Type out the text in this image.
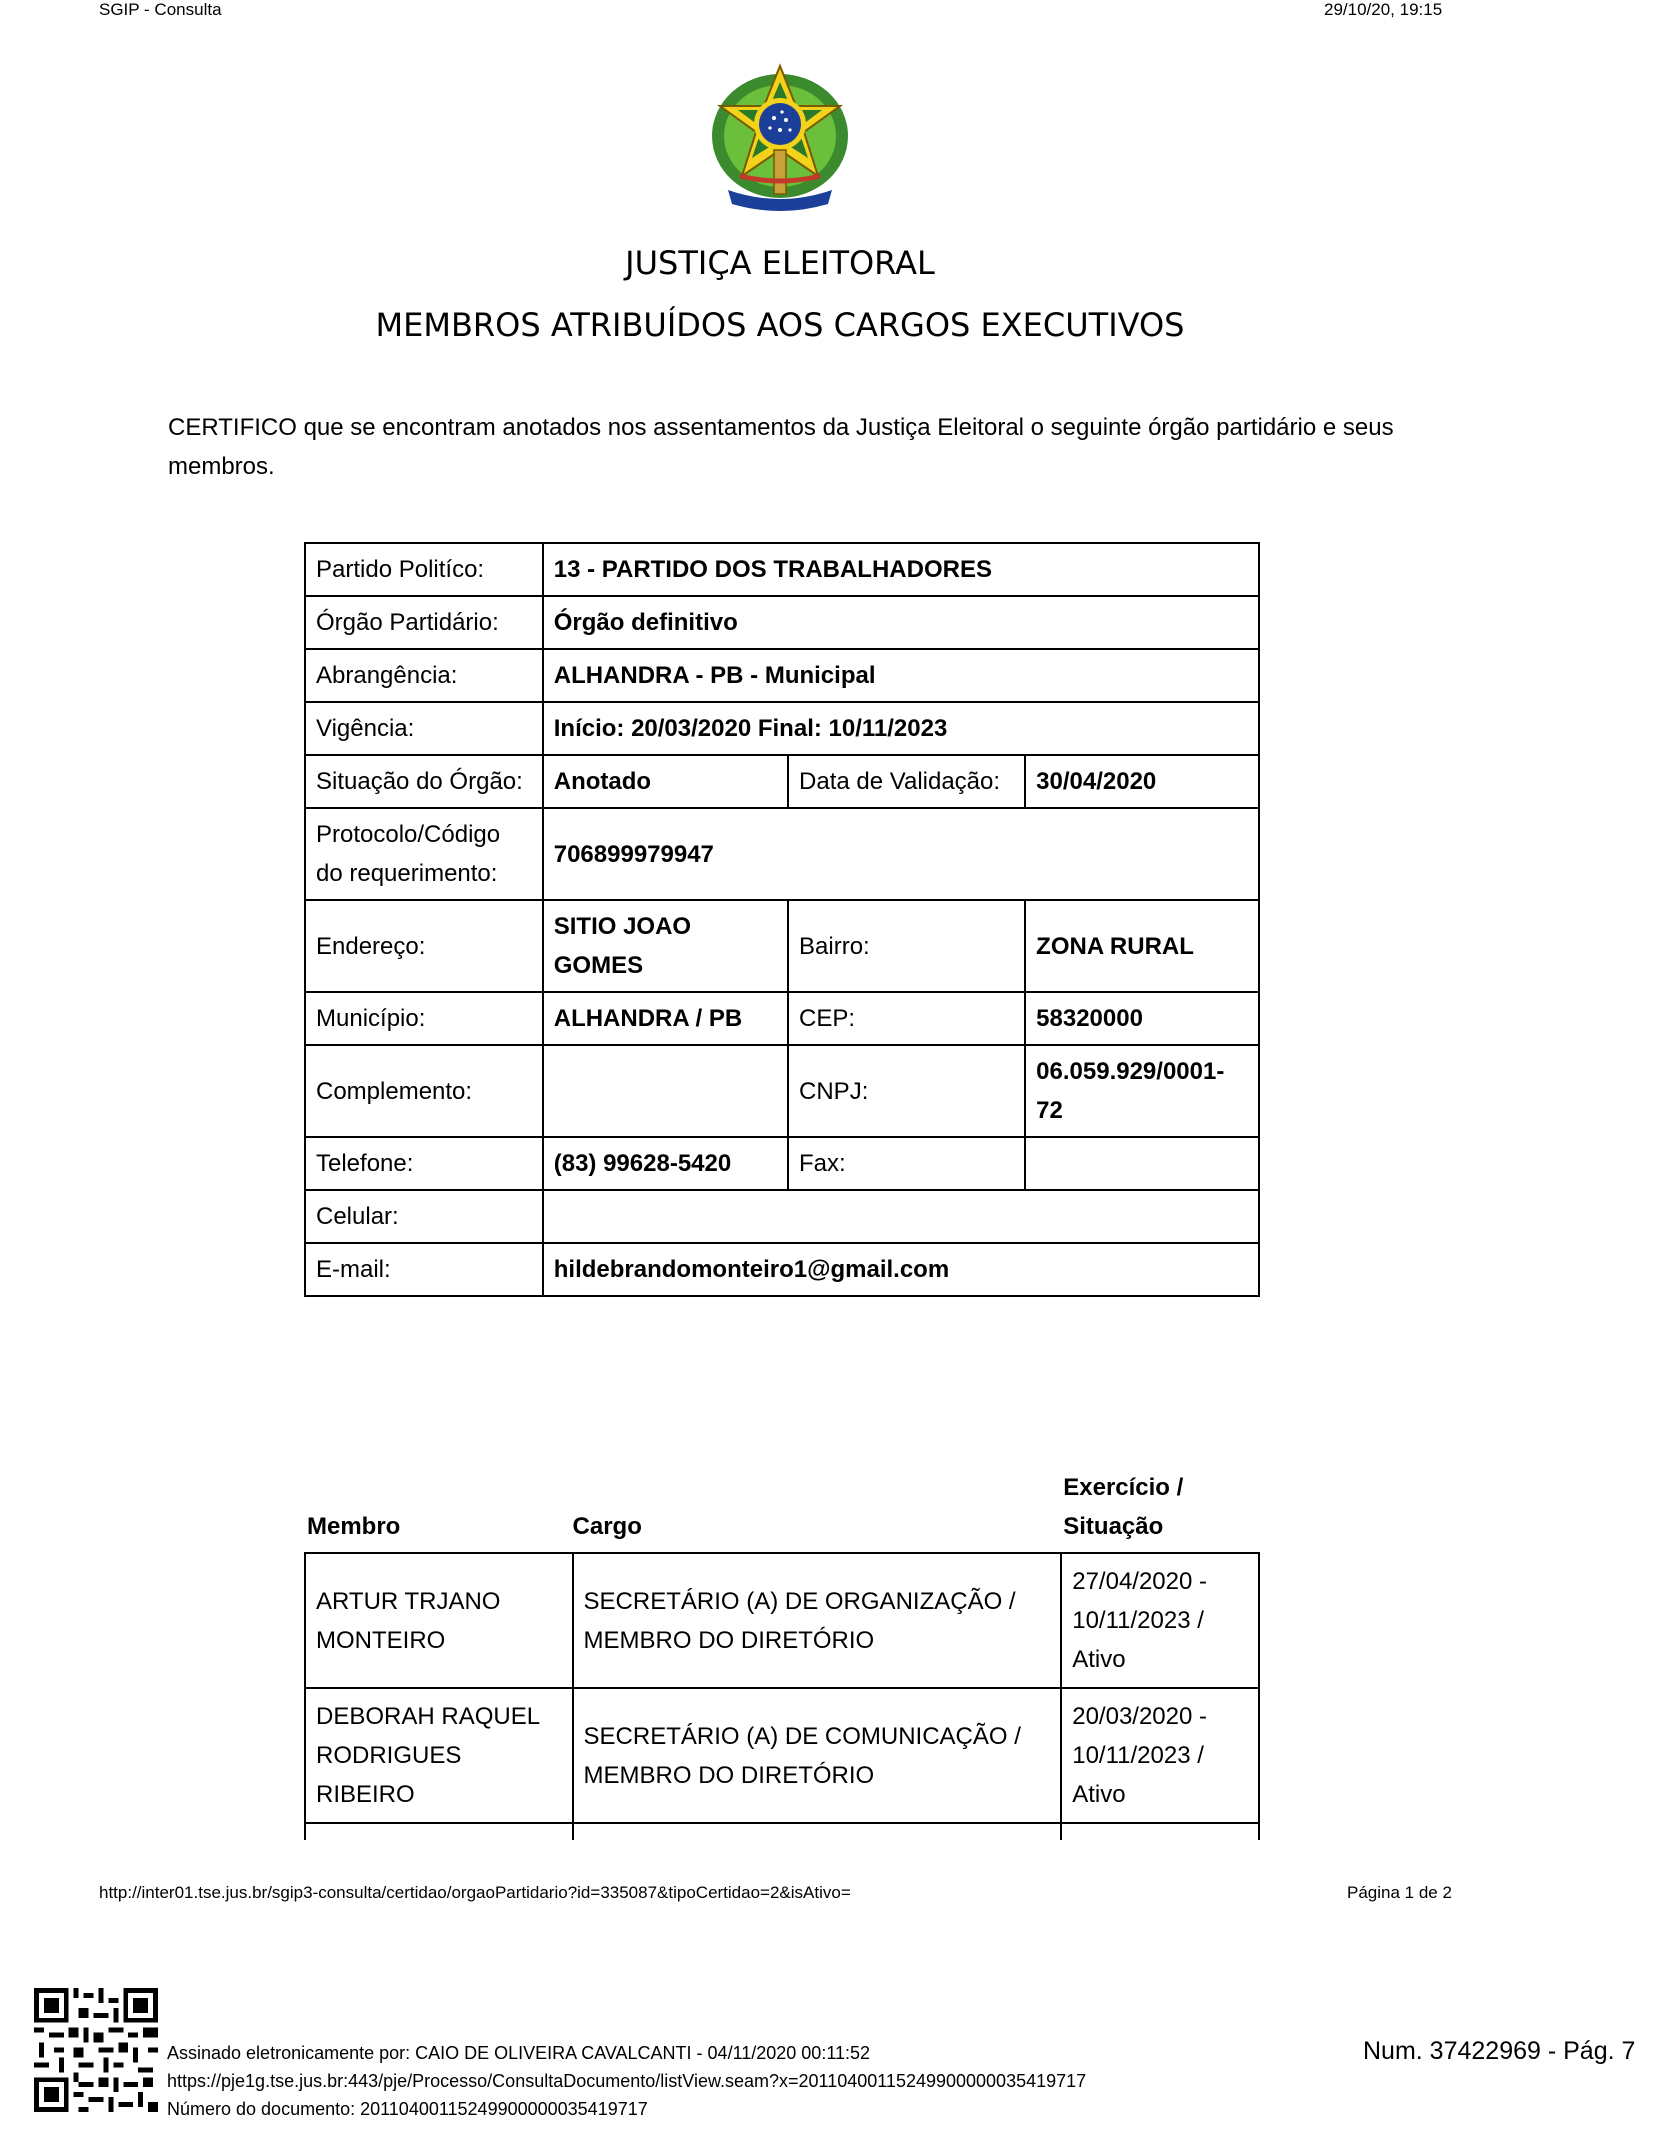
SGIP - Consulta	29/10/20, 19:15
JUSTIÇA ELEITORAL
MEMBROS ATRIBUÍDOS AOS CARGOS EXECUTIVOS
CERTIFICO que se encontram anotados nos assentamentos da Justiça Eleitoral o seguinte órgão partidário e seus membros.
Partido Politíco:	13 - PARTIDO DOS TRABALHADORES		
Órgão Partidário:	Órgão definitivo		
Abrangência:	ALHANDRA - PB - Municipal		
Vigência:	Início: 20/03/2020 Final: 10/11/2023		
Situação do Órgão:	Anotado	Data de Validação:	30/04/2020
Protocolo/Código do requerimento:	706899979947		
Endereço:	SITIO JOAO GOMES	Bairro:	ZONA RURAL
Município:	ALHANDRA / PB	CEP:	58320000
Complemento:		CNPJ:	06.059.929/0001-72
Telefone:	(83) 99628-5420	Fax:	
Celular:			
E-mail:	hildebrandomonteiro1@gmail.com		
Membro	Cargo	Exercício / Situação
ARTUR TRJANO MONTEIRO	SECRETÁRIO (A) DE ORGANIZAÇÃO / MEMBRO DO DIRETÓRIO	27/04/2020 - 10/11/2023 / Ativo
DEBORAH RAQUEL RODRIGUES RIBEIRO	SECRETÁRIO (A) DE COMUNICAÇÃO / MEMBRO DO DIRETÓRIO	20/03/2020 - 10/11/2023 / Ativo

http://inter01.tse.jus.br/sgip3-consulta/certidao/orgaoPartidario?id=335087&tipoCertidao=2&isAtivo=	Página 1 de 2
Assinado eletronicamente por: CAIO DE OLIVEIRA CAVALCANTI - 04/11/2020 00:11:52
https://pje1g.tse.jus.br:443/pje/Processo/ConsultaDocumento/listView.seam?x=20110400115249900000035419717
Número do documento: 20110400115249900000035419717
Num. 37422969 - Pág. 7
